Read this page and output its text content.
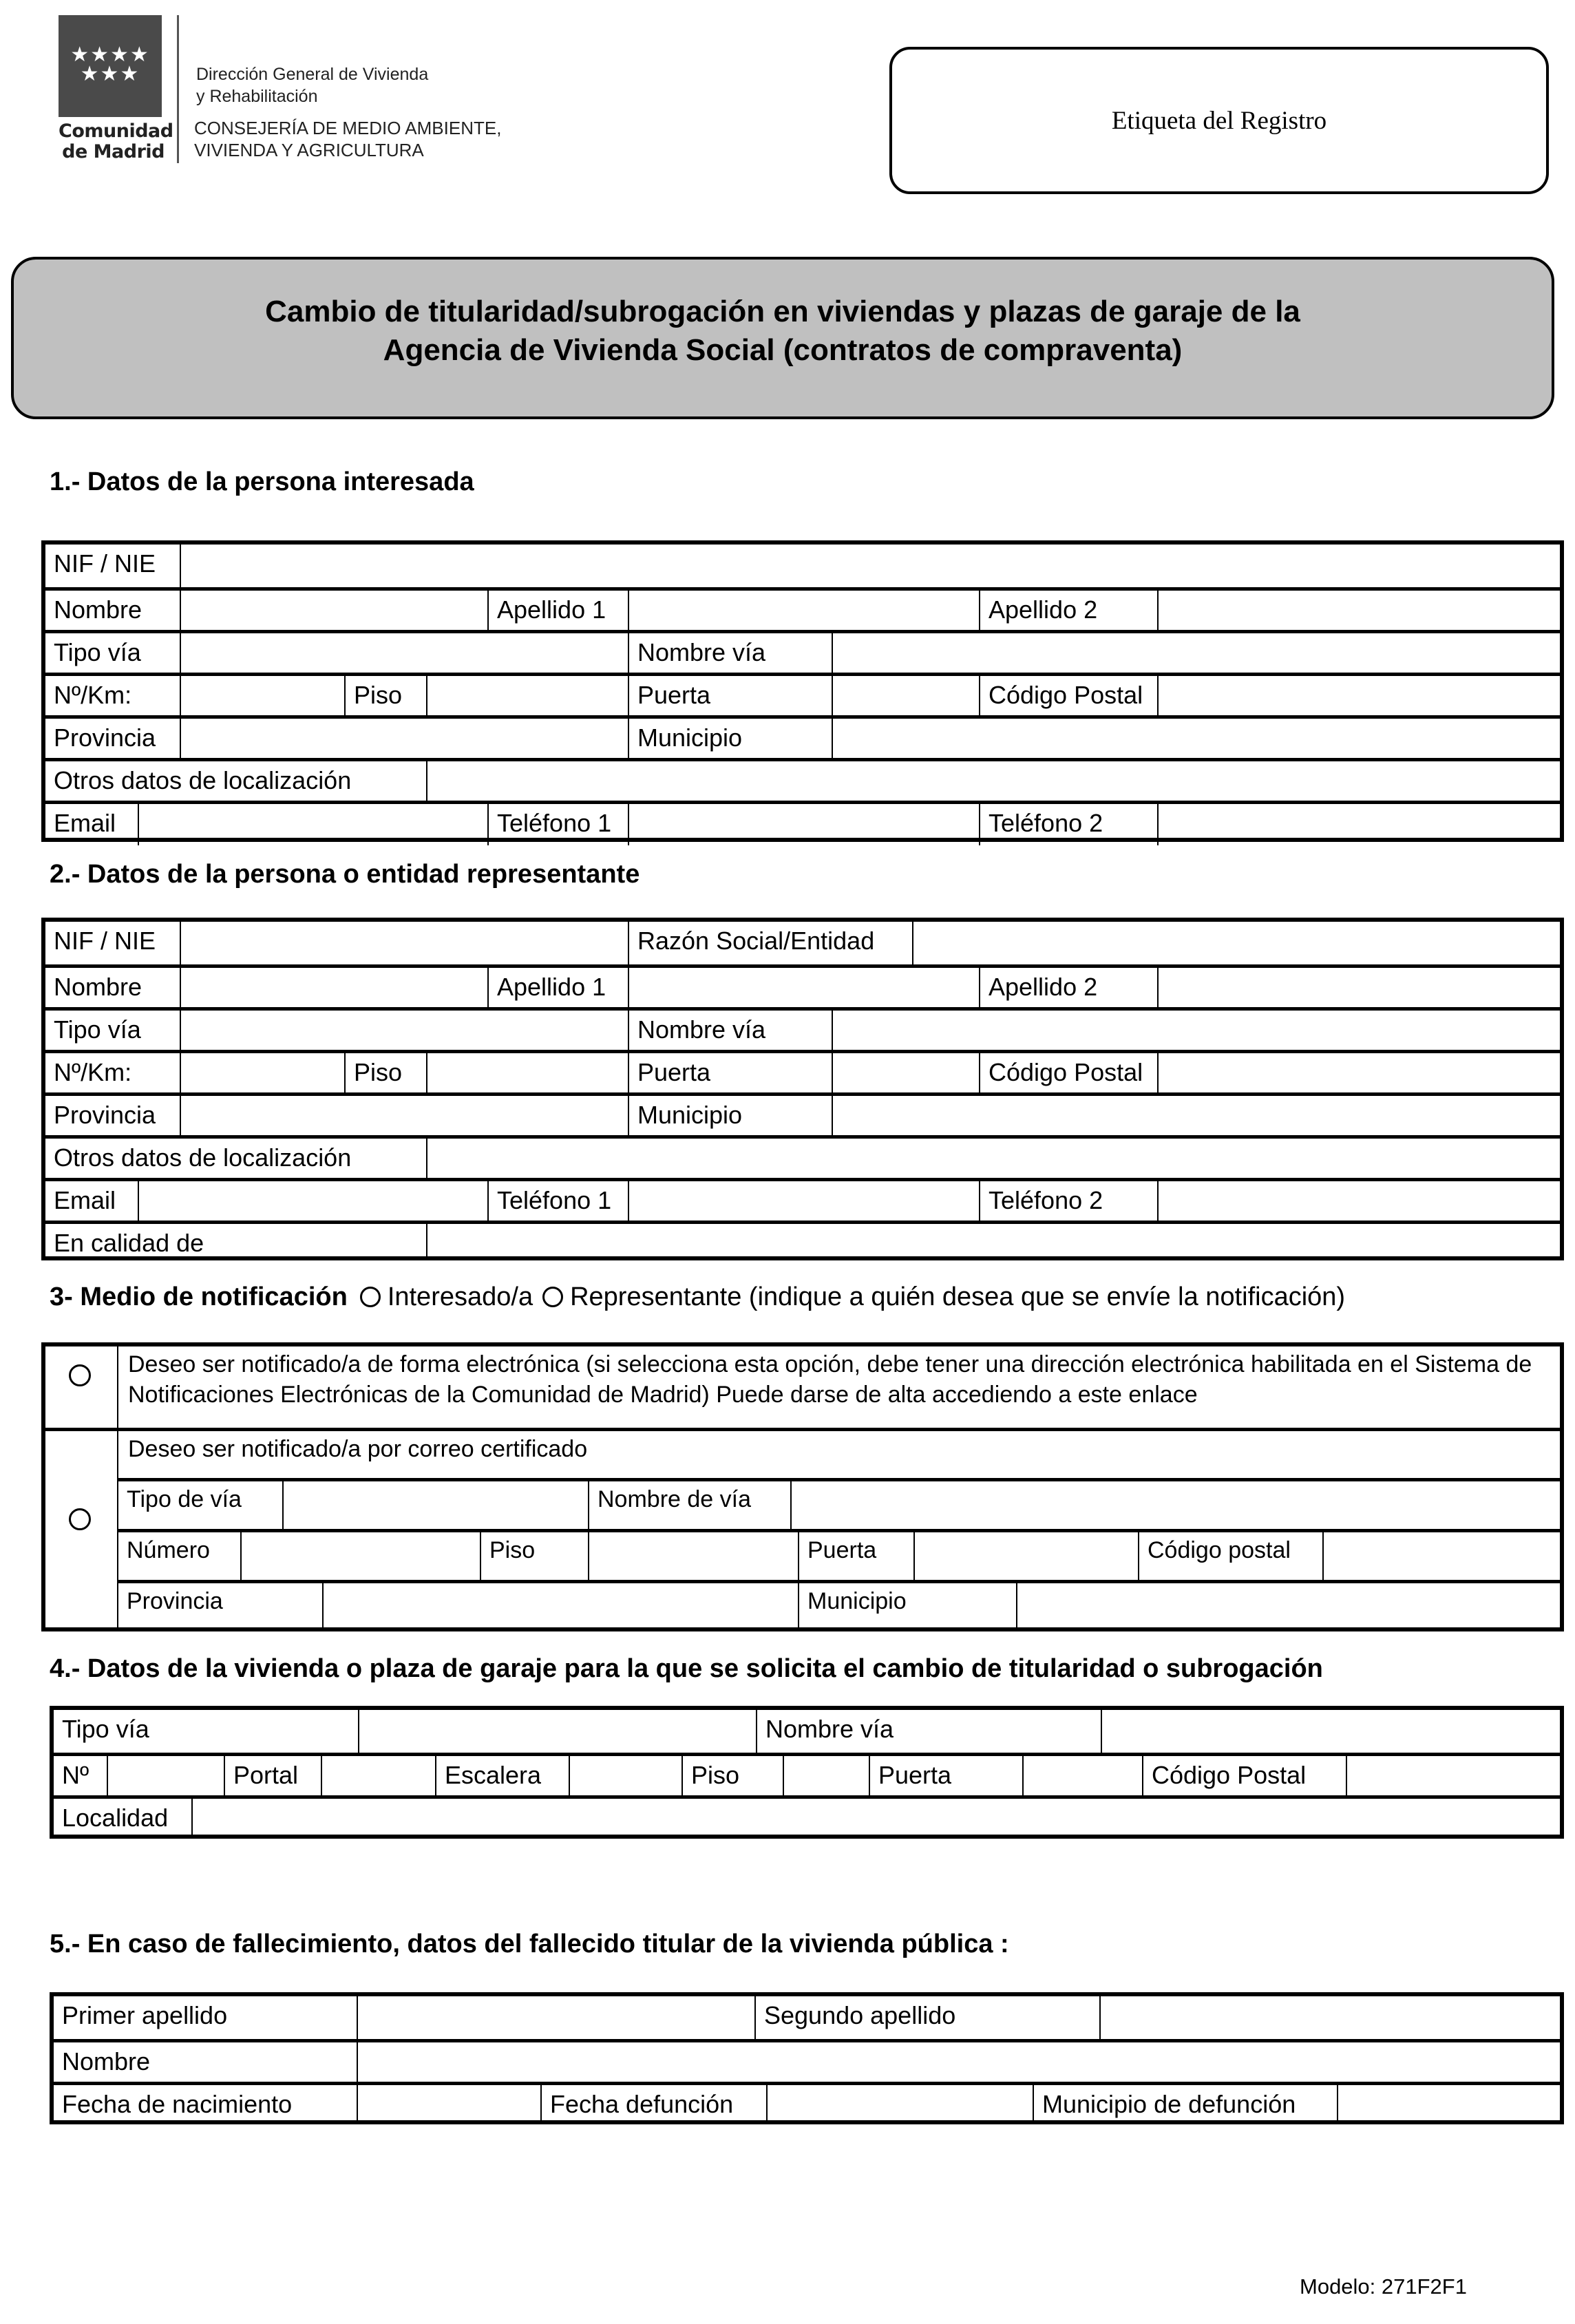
★★★★
★★★
Comunidad
de Madrid
Dirección General de Vivienda
y Rehabilitación
CONSEJERÍA DE MEDIO AMBIENTE,
VIVIENDA Y AGRICULTURA
Etiqueta del Registro
Cambio de titularidad/subrogación en viviendas y plazas de garaje de la
Agencia de Vivienda Social (contratos de compraventa)
1.- Datos de la persona interesada
NIF / NIE
Nombre	Apellido 1	Apellido 2
Tipo vía	Nombre vía
Nº/Km:	Piso	Puerta	Código Postal
Provincia	Municipio
Otros datos de localización
Email	Teléfono 1	Teléfono 2
2.- Datos de la persona o entidad representante
NIF / NIE	Razón Social/Entidad
Nombre	Apellido 1	Apellido 2
Tipo vía	Nombre vía
Nº/Km:	Piso	Puerta	Código Postal
Provincia	Municipio
Otros datos de localización
Email	Teléfono 1	Teléfono 2
En calidad de
3- Medio de notificación Interesado/a Representante (indique a quién desea que se envíe la notificación)
Deseo ser notificado/a de forma electrónica (si selecciona esta opción, debe tener una dirección electrónica habilitada en el Sistema de Notificaciones Electrónicas de la Comunidad de Madrid) Puede darse de alta accediendo a este enlace
Deseo ser notificado/a por correo certificado
Tipo de vía	Nombre de vía
Número	Piso	Puerta	Código postal
Provincia	Municipio
4.- Datos de la vivienda o plaza de garaje para la que se solicita el cambio de titularidad o subrogación
Tipo vía	Nombre vía
Nº	Portal	Escalera	Piso	Puerta	Código Postal
Localidad
5.- En caso de fallecimiento, datos del fallecido titular de la vivienda pública :
Primer apellido	Segundo apellido
Nombre
Fecha de nacimiento	Fecha defunción	Municipio de defunción
Modelo: 271F2F1
